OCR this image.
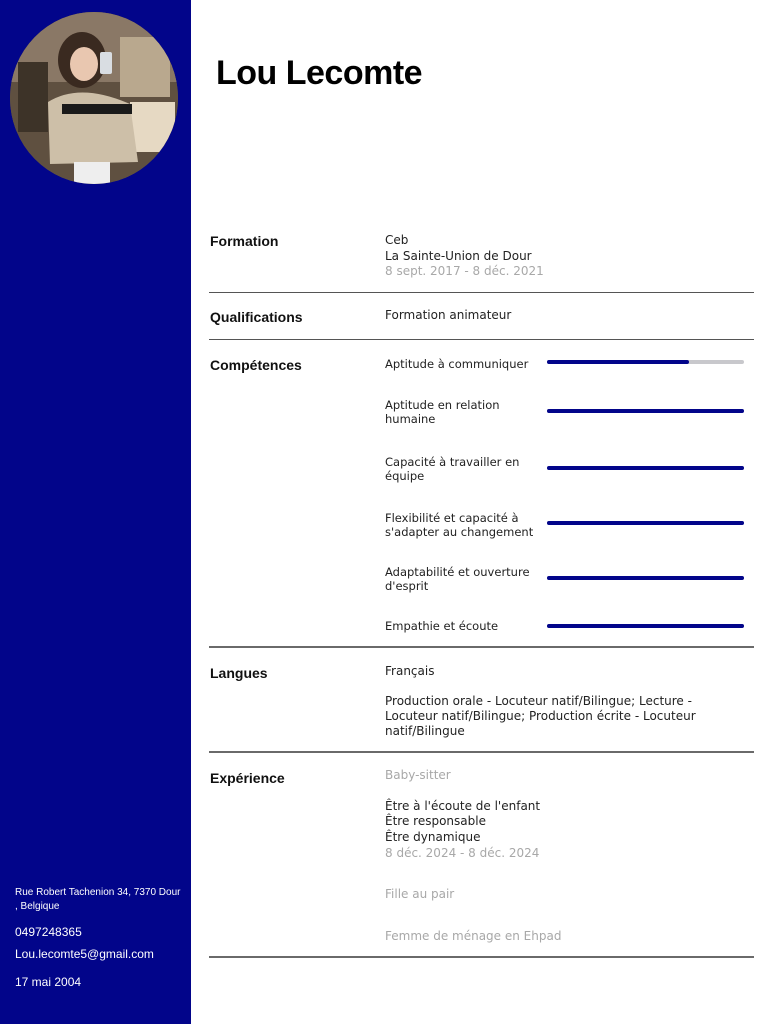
Rue Robert Tachenion 34, 7370 Dour , Belgique
0497248365
Lou.lecomte5@gmail.com
17 mai 2004
Lou Lecomte
Formation	Ceb
La Sainte-Union de Dour
8 sept. 2017 - 8 déc. 2021
Qualifications	Formation animateur
Compétences	Aptitude à communiquer
Aptitude en relation humaine
Capacité à travailler en équipe
Flexibilité et capacité à s'adapter au changement
Adaptabilité et ouverture d'esprit
Empathie et écoute
Langues	Français
Production orale - Locuteur natif/Bilingue; Lecture - Locuteur natif/Bilingue; Production écrite - Locuteur natif/Bilingue
Expérience	Baby-sitter
Être à l'écoute de l'enfant
Être responsable
Être dynamique
8 déc. 2024 - 8 déc. 2024
Fille au pair
Femme de ménage en Ehpad
